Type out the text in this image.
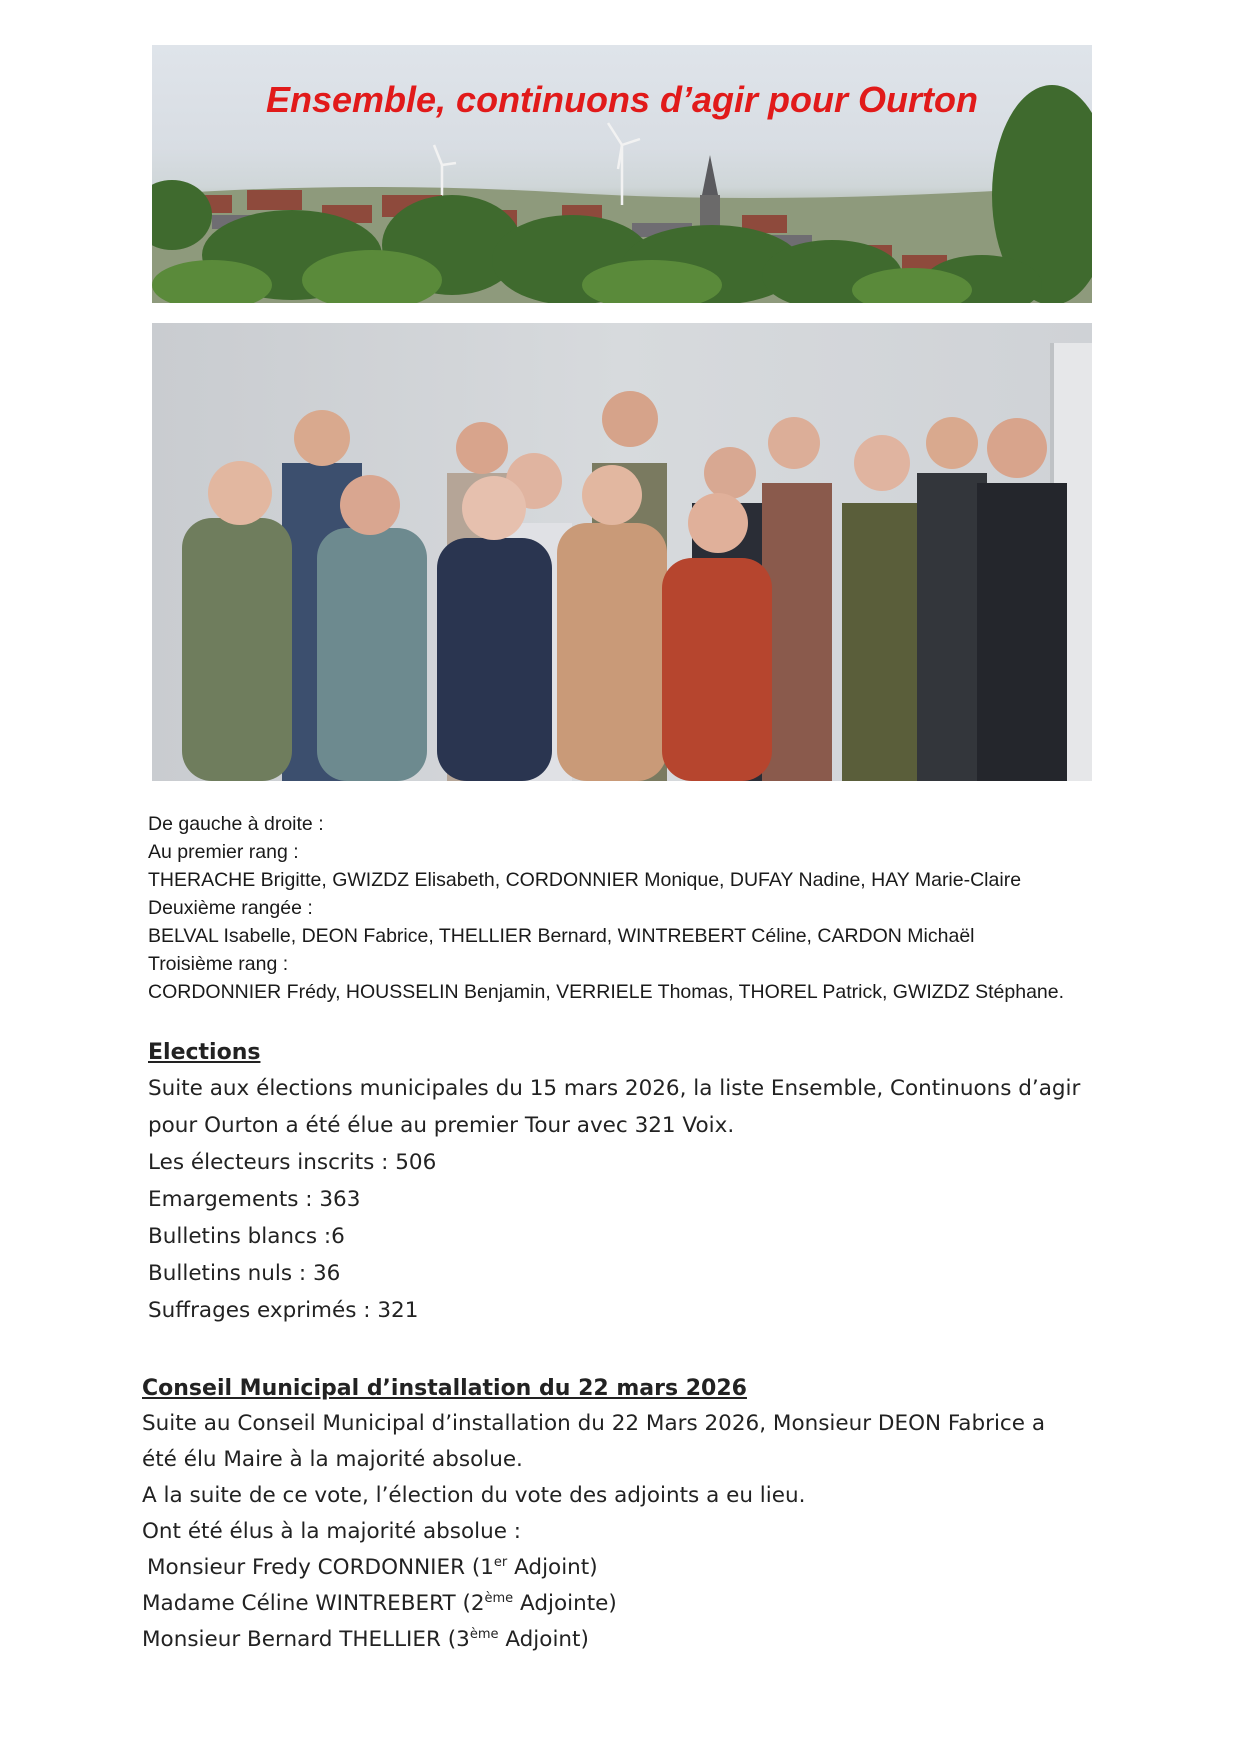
Ensemble, continuons d’agir pour Ourton
De gauche à droite :
Au premier rang :
THERACHE Brigitte, GWIZDZ Elisabeth, CORDONNIER Monique, DUFAY Nadine, HAY Marie-Claire
Deuxième rangée :
BELVAL Isabelle, DEON Fabrice, THELLIER Bernard, WINTREBERT Céline, CARDON Michaël
Troisième rang :
CORDONNIER Frédy, HOUSSELIN Benjamin, VERRIELE Thomas, THOREL Patrick, GWIZDZ Stéphane.
Elections

Suite aux élections municipales du 15 mars 2026, la liste Ensemble, Continuons d’agir

pour Ourton a été élue au premier Tour avec 321 Voix.

Les électeurs inscrits : 506

Emargements : 363

Bulletins blancs :6

Bulletins nuls : 36

Suffrages exprimés : 321

Conseil Municipal d’installation du 22 mars 2026

Suite au Conseil Municipal d’installation du 22 Mars 2026, Monsieur DEON Fabrice a

été élu Maire à la majorité absolue.

A la suite de ce vote, l’élection du vote des adjoints a eu lieu.

Ont été élus à la majorité absolue :

Monsieur Fredy CORDONNIER (1er Adjoint)

Madame Céline WINTREBERT (2ème Adjointe)

Monsieur Bernard THELLIER (3ème Adjoint)
